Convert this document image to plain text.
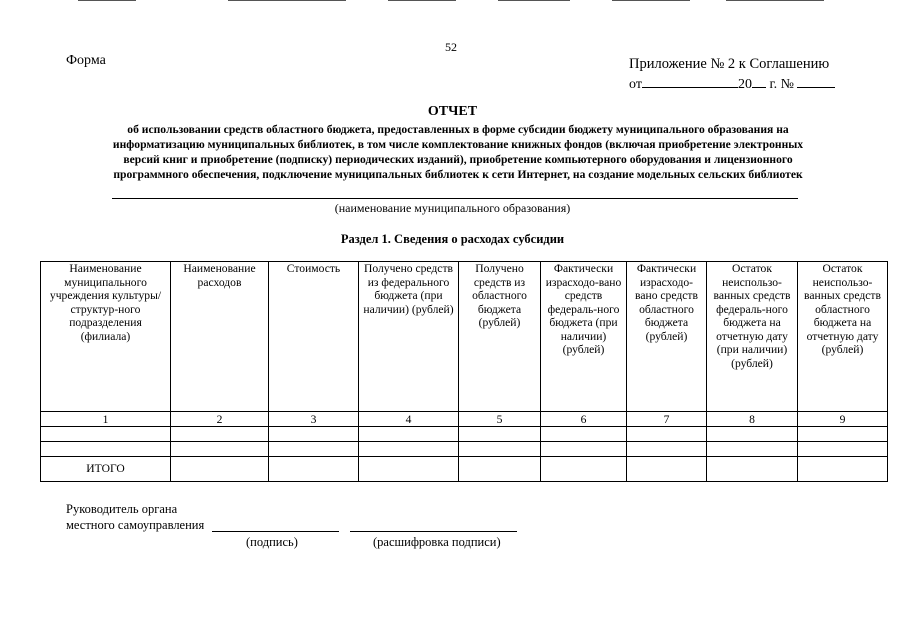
52
Форма	Приложение № 2 к Соглашению
от	20 г. №
ОТЧЕТ
об использовании средств областного бюджета, предоставленных в форме субсидии бюджету муниципального образования на
информатизацию муниципальных библиотек, в том числе комплектование книжных фондов (включая приобретение электронных
версий книг и приобретение (подписку) периодических изданий), приобретение компьютерного оборудования и лицензионного
программного обеспечения, подключение муниципальных библиотек к сети Интернет, на создание модельных сельских библиотек
(наименование муниципального образования)
Раздел 1. Сведения о расходах субсидии
Наименование муниципального учреждения культуры/структур-ного подразделения (филиала)	Наименование расходов	Стоимость	Получено средств из федерального бюджета (при наличии) (рублей)	Получено средств из областного бюджета (рублей)	Фактически израсходо-вано средств федераль-ного бюджета (при наличии) (рублей)	Фактически израсходо-вано средств областного бюджета (рублей)	Остаток неиспользо-ванных средств федераль-ного бюджета на отчетную дату (при наличии) (рублей)	Остаток неиспользо-ванных средств областного бюджета на отчетную дату (рублей)
1	2	3	4	5	6	7	8	9

ИТОГО								
Руководитель органа
местного самоуправления
(подпись)	(расшифровка подписи)
